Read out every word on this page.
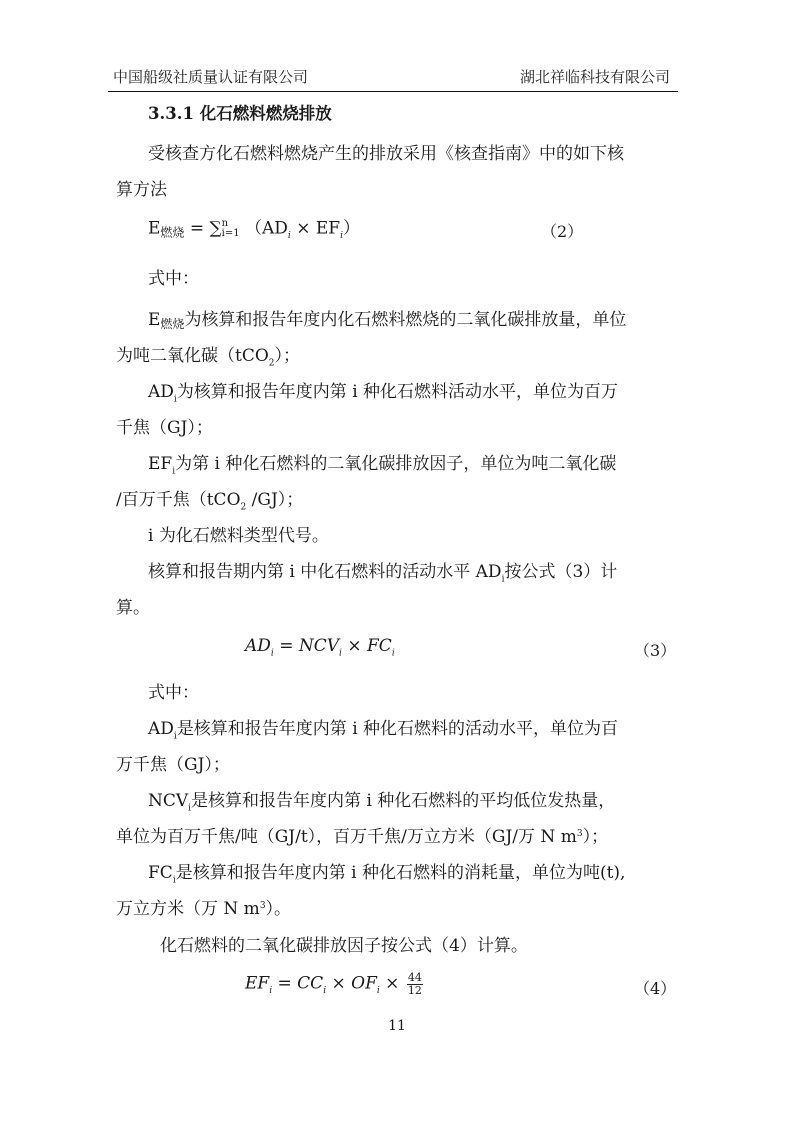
中国船级社质量认证有限公司	湖北祥临科技有限公司
3.3.1 化石燃料燃烧排放
受核查方化石燃料燃烧产生的排放采用《核查指南》中的如下核
算方法
E燃烧 = ∑ n
i=1 $(AD_i \times EF_i)$	（2）
式中：
E燃烧为核算和报告年度内化石燃料燃烧的二氧化碳排放量，单位
为吨二氧化碳（tCO$_2$）；
$AD_i$为核算和报告年度内第 i 种化石燃料活动水平，单位为百万
千焦（GJ）；
$EF_i$为第 i 种化石燃料的二氧化碳排放因子，单位为吨二氧化碳
/百万千焦（tCO$_2$ /GJ）；
i 为化石燃料类型代号。
核算和报告期内第 i 中化石燃料的活动水平 $AD_i$按公式（3）计
算。
$AD_i = NCV_i \times FC_i$	（3）
式中：
$AD_i$是核算和报告年度内第 i 种化石燃料的活动水平，单位为百
万千焦（GJ）；
$NCV_i$是核算和报告年度内第 i 种化石燃料的平均低位发热量，
单位为百万千焦/吨（GJ/t），百万千焦/万立方米（GJ/万 N $m^3$）；
$FC_i$是核算和报告年度内第 i 种化石燃料的消耗量，单位为吨(t),
万立方米（万 N $m^3$）。
化石燃料的二氧化碳排放因子按公式（4）计算。
$EF_i = CC_i \times OF_i \times \frac{44}{12}$	（4）
11
